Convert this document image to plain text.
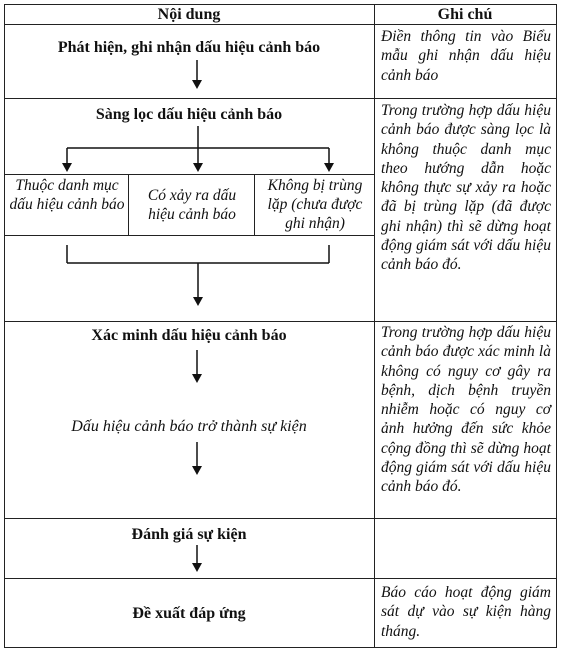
Nội dung	Ghi chú
Phát hiện, ghi nhận dấu hiệu cảnh báo
Điền thông tin vào Biểu mẫu ghi nhận dấu hiệu cảnh báo
Sàng lọc dấu hiệu cảnh báo
Thuộc danh mục dấu hiệu cảnh báo
Có xảy ra dấu hiệu cảnh báo
Không bị trùng lặp (chưa được ghi nhận)
Trong trường hợp dấu hiệu cảnh báo được sàng lọc là không thuộc danh mục theo hướng dẫn hoặc không thực sự xảy ra hoặc đã bị trùng lặp (đã được ghi nhận) thì sẽ dừng hoạt động giám sát với dấu hiệu cảnh báo đó.
Xác minh dấu hiệu cảnh báo
Dấu hiệu cảnh báo trở thành sự kiện
Trong trường hợp dấu hiệu cảnh báo được xác minh là không có nguy cơ gây ra bệnh, dịch bệnh truyền nhiễm hoặc có nguy cơ ảnh hưởng đến sức khỏe cộng đồng thì sẽ dừng hoạt động giám sát với dấu hiệu cảnh báo đó.
Đánh giá sự kiện
Đề xuất đáp ứng
Báo cáo hoạt động giám sát dự vào sự kiện hàng tháng.
